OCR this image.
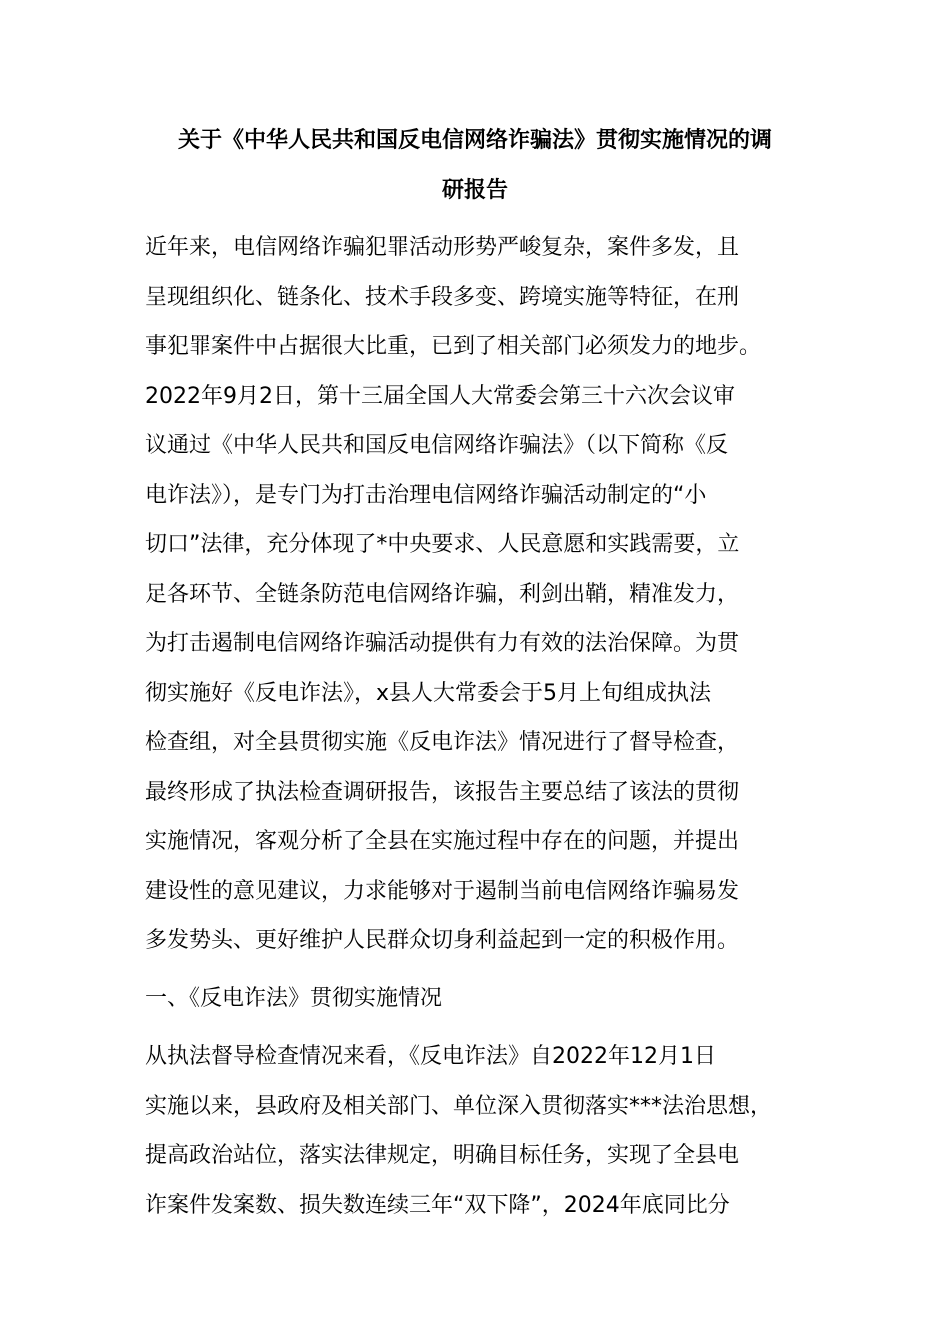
关于《中华人民共和国反电信网络诈骗法》贯彻实施情况的调
研报告
近年来，电信网络诈骗犯罪活动形势严峻复杂，案件多发，且
呈现组织化、链条化、技术手段多变、跨境实施等特征，在刑
事犯罪案件中占据很大比重，已到了相关部门必须发力的地步。
2022年9月2日，第十三届全国人大常委会第三十六次会议审
议通过《中华人民共和国反电信网络诈骗法》（以下简称《反
电诈法》），是专门为打击治理电信网络诈骗活动制定的“小
切口”法律，充分体现了*中央要求、人民意愿和实践需要，立
足各环节、全链条防范电信网络诈骗，利剑出鞘，精准发力，
为打击遏制电信网络诈骗活动提供有力有效的法治保障。为贯
彻实施好《反电诈法》，x县人大常委会于5月上旬组成执法
检查组，对全县贯彻实施《反电诈法》情况进行了督导检查，
最终形成了执法检查调研报告，该报告主要总结了该法的贯彻
实施情况，客观分析了全县在实施过程中存在的问题，并提出
建设性的意见建议，力求能够对于遏制当前电信网络诈骗易发
多发势头、更好维护人民群众切身利益起到一定的积极作用。
一、《反电诈法》贯彻实施情况
从执法督导检查情况来看，《反电诈法》自2022年12月1日
实施以来，县政府及相关部门、单位深入贯彻落实***法治思想，
提高政治站位，落实法律规定，明确目标任务，实现了全县电
诈案件发案数、损失数连续三年“双下降”，2024年底同比分
